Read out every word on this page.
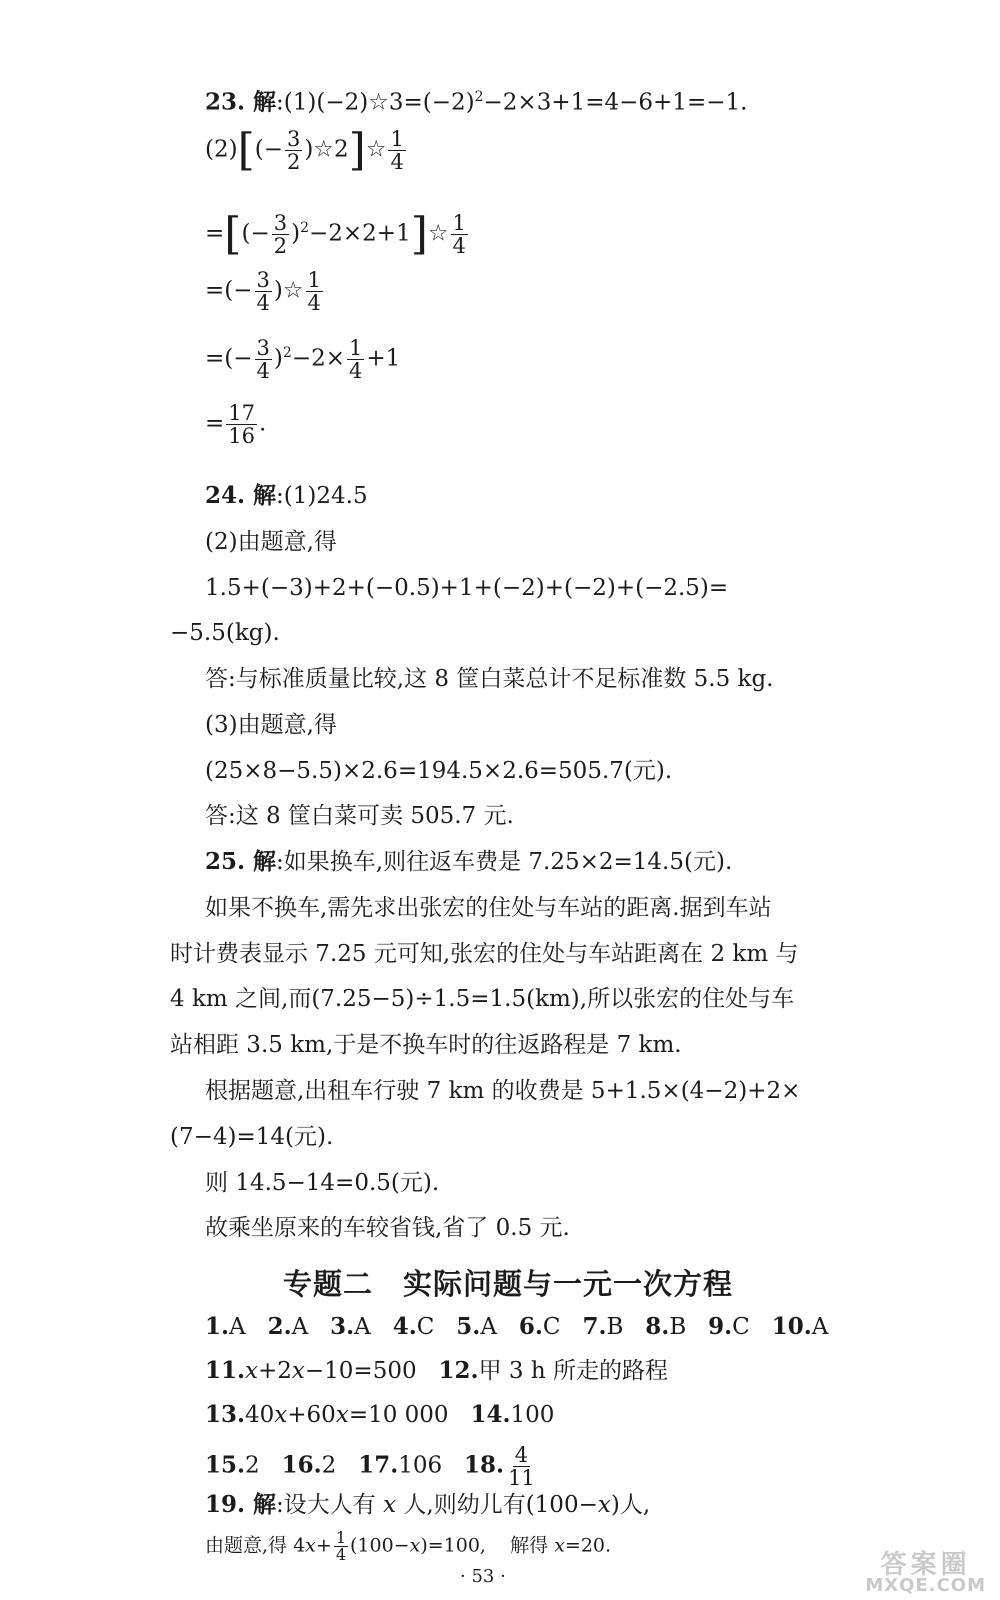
23. 解$:(1)(-2)☆3=(-2)^2-2\times 3+1=4-6+1=-1$.
$(2)[(- \frac{3}{2}$ )☆2]☆ $\frac{1}{4}$
=[(− $\frac{3}{2}$ )$^2$−2×2+1]☆ $\frac{1}{4}$
=(− $\frac{3}{4}$ )☆ $\frac{1}{4}$
=(− $\frac{3}{4} )^2-2\times \frac{1}{4} +1$
= $\frac{17}{16}$ .
24. 解:(1)24.5
(2)由题意,得
1.5+(−3)+2+(−0.5)+1+(−2)+(−2)+(−2.5)=
−5.5(kg).
答:与标准质量比较,这 8 筐白菜总计不足标准数 5.5 kg.
(3)由题意,得
(25×8−5.5)×2.6=194.5×2.6=505.7(元).
答:这 8 筐白菜可卖 505.7 元.
25. 解:如果换车,则往返车费是 7.25×2=14.5(元).
如果不换车,需先求出张宏的住处与车站的距离.据到车站
时计费表显示 7.25 元可知,张宏的住处与车站距离在 2 km 与
4 km 之间,而(7.25−5)÷1.5=1.5(km),所以张宏的住处与车
站相距 3.5 km,于是不换车时的往返路程是 7 km.
根据题意,出租车行驶 7 km 的收费是 5+1.5×(4−2)+2×
(7−4)=14(元).
则 14.5−14=0.5(元).
故乘坐原来的车较省钱,省了 0.5 元.
专题二　实际问题与一元一次方程
1.A 2.A 3.A 4.C 5.A 6.C 7.B 8.B 9.C 10.A
11.x+2x−10=500 12.甲 3 h 所走的路程
13.40x+60x=10 000 14.100
15.2 16.2 17.106 18. $\frac{4}{11}$
19. 解:设大人有 x 人,则幼儿有(100−x)人,
由题意,得 $4x+ \frac{1}{4} (100-x)=100$, 解得 x=20.
· 53 ·	答案圈
MXQE.COM
